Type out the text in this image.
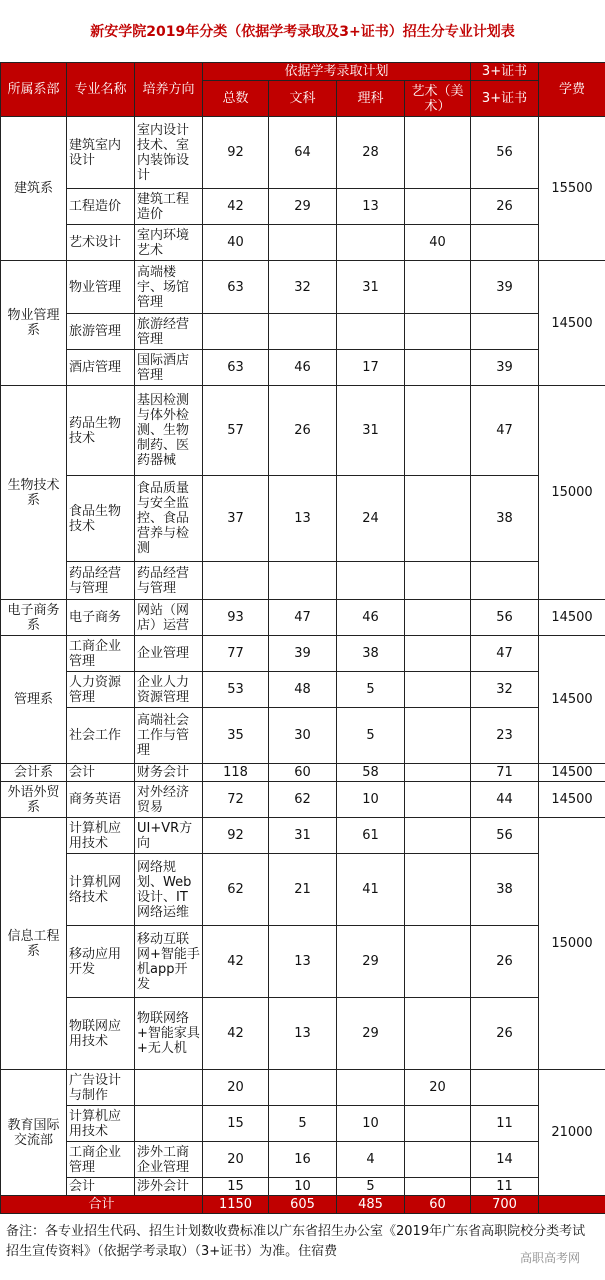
新安学院2019年分类（依据学考录取及3+证书）招生分专业计划表
所属系部	专业名称	培养方向	依据学考录取计划				3+证书	学费
			总数	文科	理科	艺术（美术）	3+证书	
建筑系	建筑室内设计	室内设计技术、室内装饰设计	92	64	28		56	15500
	工程造价	建筑工程造价	42	29	13		26	
	艺术设计	室内环境艺术	40			40		
物业管理系	物业管理	高端楼宇、场馆管理	63	32	31		39	14500
	旅游管理	旅游经营管理						
	酒店管理	国际酒店管理	63	46	17		39	
生物技术系	药品生物技术	基因检测与体外检测、生物制药、医药器械	57	26	31		47	15000
	食品生物技术	食品质量与安全监控、食品营养与检测	37	13	24		38	
	药品经营与管理	药品经营与管理						
电子商务系	电子商务	网站（网店）运营	93	47	46		56	14500
管理系	工商企业管理	企业管理	77	39	38		47	14500
	人力资源管理	企业人力资源管理	53	48	5		32	
	社会工作	高端社会工作与管理	35	30	5		23	
会计系	会计	财务会计	118	60	58		71	14500
外语外贸系	商务英语	对外经济贸易	72	62	10		44	14500
信息工程系	计算机应用技术	UI+VR方向	92	31	61		56	15000
	计算机网络技术	网络规划、Web设计、IT网络运维	62	21	41		38	
	移动应用开发	移动互联网+智能手机app开发	42	13	29		26	
	物联网应用技术	物联网络+智能家具+无人机	42	13	29		26	
教育国际交流部	广告设计与制作		20			20		21000
	计算机应用技术		15	5	10		11	
	工商企业管理	涉外工商企业管理	20	16	4		14	
	会计	涉外会计	15	10	5		11	
合计			1150	605	485	60	700	
备注：各专业招生代码、招生计划数收费标准以广东省招生办公室《2019年广东省高职院校分类考试招生宣传资料》（依据学考录取）（3+证书）为准。住宿费	高职高考网
